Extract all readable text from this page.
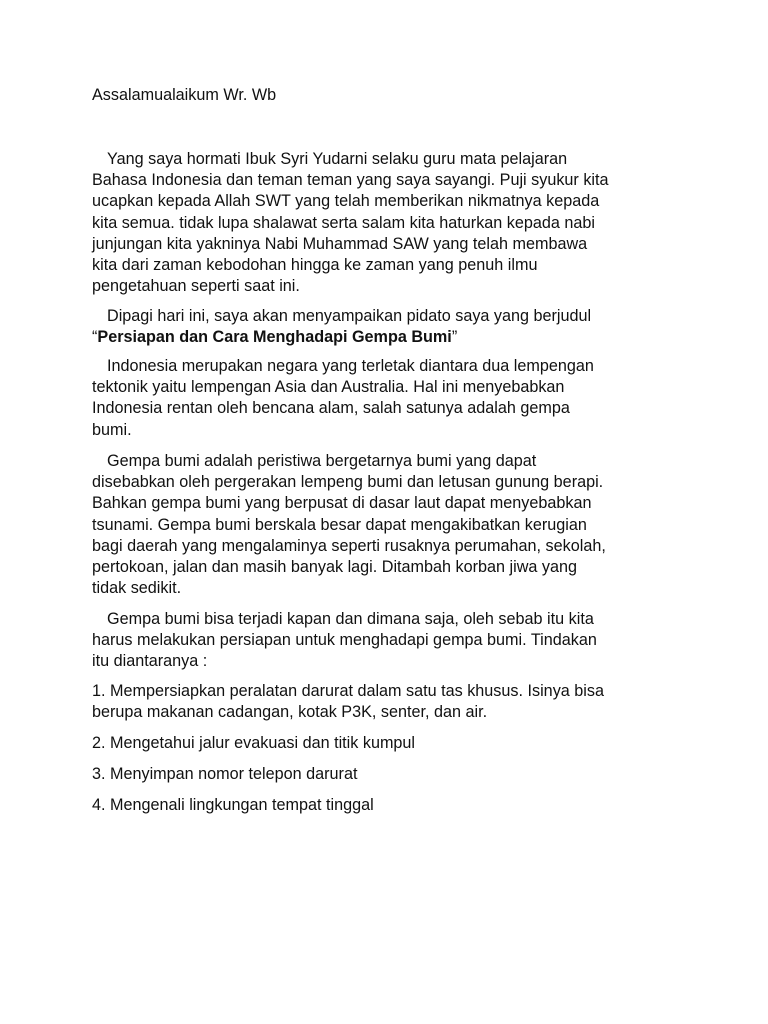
Assalamualaikum Wr. Wb
Yang saya hormati Ibuk Syri Yudarni selaku guru mata pelajaran
Bahasa Indonesia dan teman teman yang saya sayangi. Puji syukur kita
ucapkan kepada Allah SWT yang telah memberikan nikmatnya kepada
kita semua. tidak lupa shalawat serta salam kita haturkan kepada nabi
junjungan kita yakninya Nabi Muhammad SAW yang telah membawa
kita dari zaman kebodohan hingga ke zaman yang penuh ilmu
pengetahuan seperti saat ini.
Dipagi hari ini, saya akan menyampaikan pidato saya yang berjudul
“Persiapan dan Cara Menghadapi Gempa Bumi”
Indonesia merupakan negara yang terletak diantara dua lempengan
tektonik yaitu lempengan Asia dan Australia. Hal ini menyebabkan
Indonesia rentan oleh bencana alam, salah satunya adalah gempa
bumi.
Gempa bumi adalah peristiwa bergetarnya bumi yang dapat
disebabkan oleh pergerakan lempeng bumi dan letusan gunung berapi.
Bahkan gempa bumi yang berpusat di dasar laut dapat menyebabkan
tsunami. Gempa bumi berskala besar dapat mengakibatkan kerugian
bagi daerah yang mengalaminya seperti rusaknya perumahan, sekolah,
pertokoan, jalan dan masih banyak lagi. Ditambah korban jiwa yang
tidak sedikit.
Gempa bumi bisa terjadi kapan dan dimana saja, oleh sebab itu kita
harus melakukan persiapan untuk menghadapi gempa bumi. Tindakan
itu diantaranya :
1. Mempersiapkan peralatan darurat dalam satu tas khusus. Isinya bisa
berupa makanan cadangan, kotak P3K, senter, dan air.
2. Mengetahui jalur evakuasi dan titik kumpul
3. Menyimpan nomor telepon darurat
4. Mengenali lingkungan tempat tinggal
